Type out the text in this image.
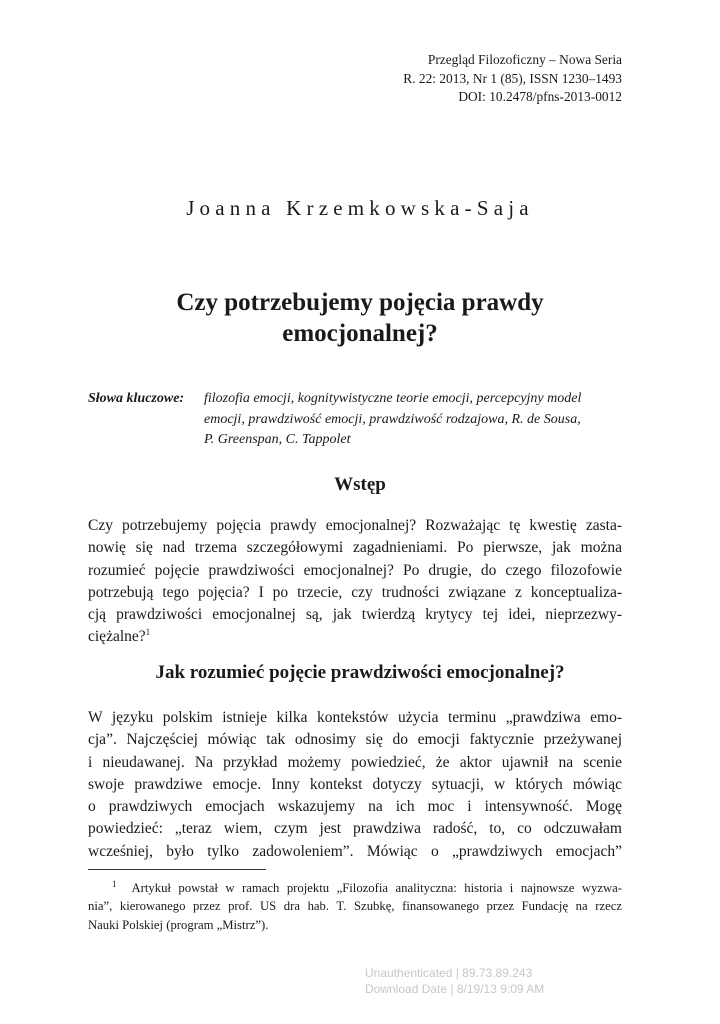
Przegląd Filozoficzny – Nowa Seria
R. 22: 2013, Nr 1 (85), ISSN 1230–1493
DOI: 10.2478/pfns-2013-0012
Joanna Krzemkowska-Saja
Czy potrzebujemy pojęcia prawdy
emocjonalnej?
Słowa kluczowe: filozofia emocji, kognitywistyczne teorie emocji, percepcyjny model
emocji, prawdziwość emocji, prawdziwość rodzajowa, R. de Sousa,
P. Greenspan, C. Tappolet
Wstęp
Czy potrzebujemy pojęcia prawdy emocjonalnej? Rozważając tę kwestię zasta-
nowię się nad trzema szczegółowymi zagadnieniami. Po pierwsze, jak można
rozumieć pojęcie prawdziwości emocjonalnej? Po drugie, do czego filozofowie
potrzebują tego pojęcia? I po trzecie, czy trudności związane z konceptualiza-
cją prawdziwości emocjonalnej są, jak twierdzą krytycy tej idei, nieprzezwy-
ciężalne?$^1$
Jak rozumieć pojęcie prawdziwości emocjonalnej?
W języku polskim istnieje kilka kontekstów użycia terminu „prawdziwa emo-
cja”. Najczęściej mówiąc tak odnosimy się do emocji faktycznie przeżywanej
i nieudawanej. Na przykład możemy powiedzieć, że aktor ujawnił na scenie
swoje prawdziwe emocje. Inny kontekst dotyczy sytuacji, w których mówiąc
o prawdziwych emocjach wskazujemy na ich moc i intensywność. Mogę
powiedzieć: „teraz wiem, czym jest prawdziwa radość, to, co odczuwałam
wcześniej, było tylko zadowoleniem”. Mówiąc o „prawdziwych emocjach”
$^1$ Artykuł powstał w ramach projektu „Filozofia analityczna: historia i najnowsze wyzwa-
nia”, kierowanego przez prof. US dra hab. T. Szubkę, finansowanego przez Fundację na rzecz
Nauki Polskiej (program „Mistrz”).
Unauthenticated | 89.73.89.243
Download Date | 8/19/13 9:09 AM
